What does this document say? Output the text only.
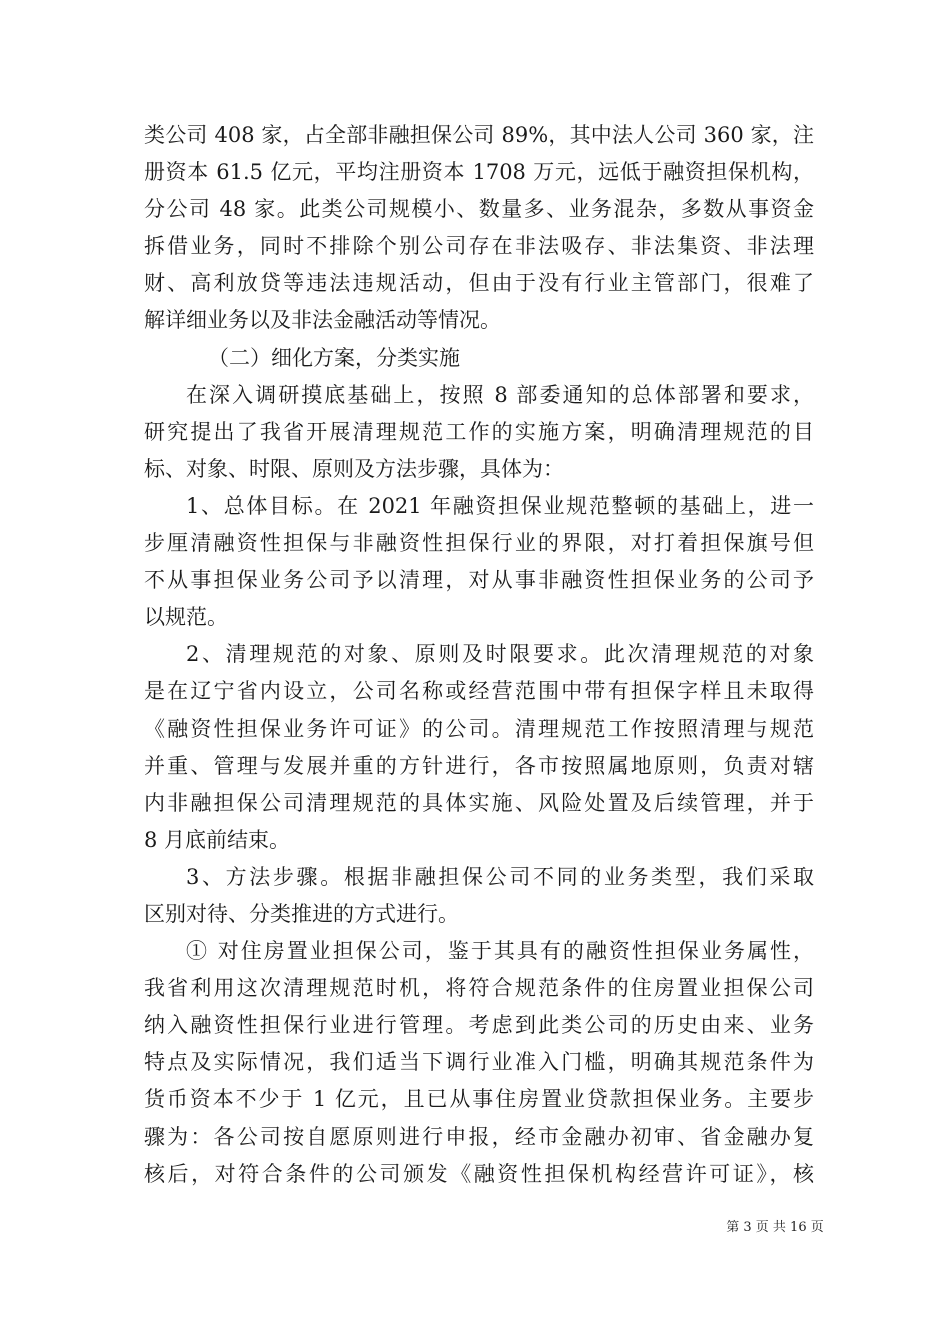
类公司 408 家，占全部非融担保公司 89%，其中法人公司 360 家，注
册资本 61.5 亿元，平均注册资本 1708 万元，远低于融资担保机构，
分公司 48 家。此类公司规模小、数量多、业务混杂，多数从事资金
拆借业务，同时不排除个别公司存在非法吸存、非法集资、非法理
财、高利放贷等违法违规活动，但由于没有行业主管部门，很难了
解详细业务以及非法金融活动等情况。
（二）细化方案，分类实施
在深入调研摸底基础上，按照 8 部委通知的总体部署和要求，
研究提出了我省开展清理规范工作的实施方案，明确清理规范的目
标、对象、时限、原则及方法步骤，具体为：
1、总体目标。在 2021 年融资担保业规范整顿的基础上，进一
步厘清融资性担保与非融资性担保行业的界限，对打着担保旗号但
不从事担保业务公司予以清理，对从事非融资性担保业务的公司予
以规范。
2、清理规范的对象、原则及时限要求。此次清理规范的对象
是在辽宁省内设立，公司名称或经营范围中带有担保字样且未取得
《融资性担保业务许可证》的公司。清理规范工作按照清理与规范
并重、管理与发展并重的方针进行，各市按照属地原则，负责对辖
内非融担保公司清理规范的具体实施、风险处置及后续管理，并于
8 月底前结束。
3、方法步骤。根据非融担保公司不同的业务类型，我们采取
区别对待、分类推进的方式进行。
① 对住房置业担保公司，鉴于其具有的融资性担保业务属性，
我省利用这次清理规范时机，将符合规范条件的住房置业担保公司
纳入融资性担保行业进行管理。考虑到此类公司的历史由来、业务
特点及实际情况，我们适当下调行业准入门槛，明确其规范条件为
货币资本不少于 1 亿元，且已从事住房置业贷款担保业务。主要步
骤为：各公司按自愿原则进行申报，经市金融办初审、省金融办复
核后，对符合条件的公司颁发《融资性担保机构经营许可证》，核
第 3 页 共 16 页
